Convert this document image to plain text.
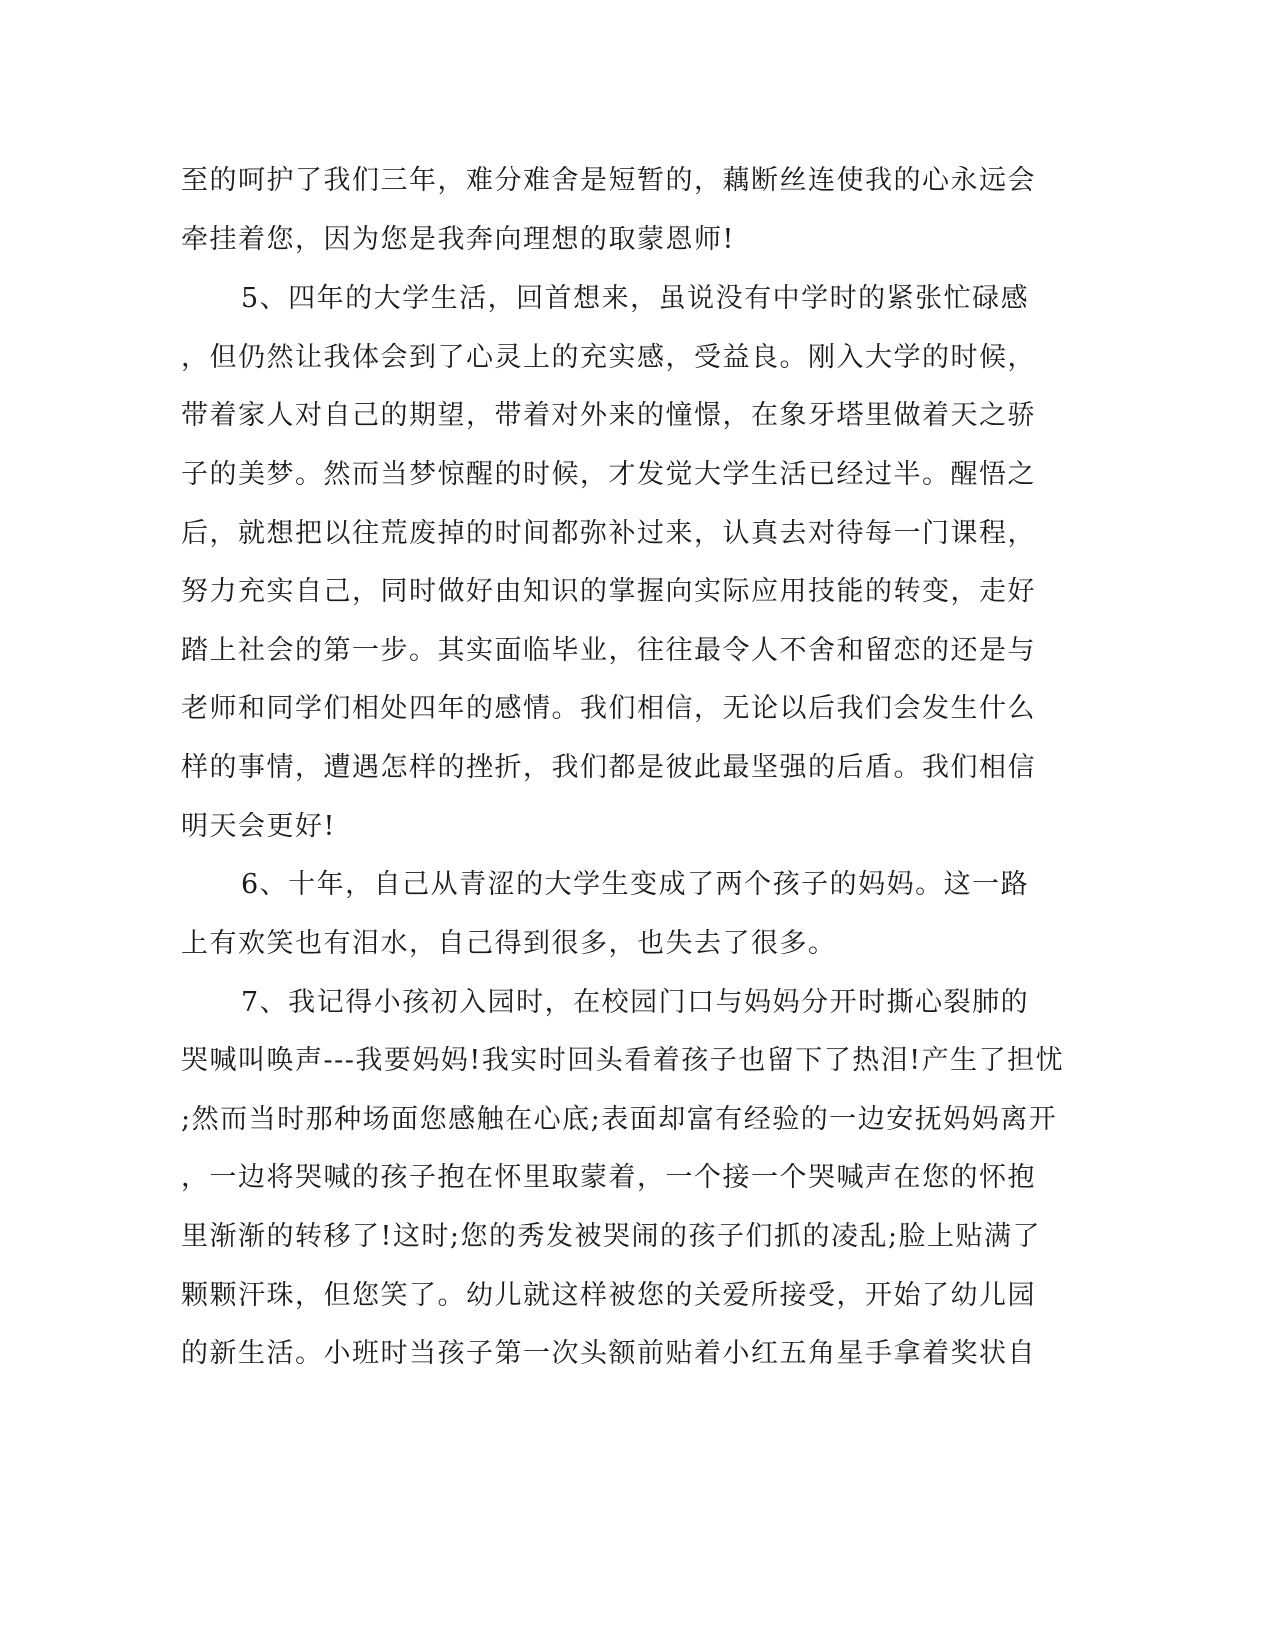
至的呵护了我们三年，难分难舍是短暂的，藕断丝连使我的心永远会
牵挂着您，因为您是我奔向理想的取蒙恩师!
5、四年的大学生活，回首想来，虽说没有中学时的紧张忙碌感
，但仍然让我体会到了心灵上的充实感，受益良。刚入大学的时候，
带着家人对自己的期望，带着对外来的憧憬，在象牙塔里做着天之骄
子的美梦。然而当梦惊醒的时候，才发觉大学生活已经过半。醒悟之
后，就想把以往荒废掉的时间都弥补过来，认真去对待每一门课程，
努力充实自己，同时做好由知识的掌握向实际应用技能的转变，走好
踏上社会的第一步。其实面临毕业，往往最令人不舍和留恋的还是与
老师和同学们相处四年的感情。我们相信，无论以后我们会发生什么
样的事情，遭遇怎样的挫折，我们都是彼此最坚强的后盾。我们相信
明天会更好!
6、十年，自己从青涩的大学生变成了两个孩子的妈妈。这一路
上有欢笑也有泪水，自己得到很多，也失去了很多。
7、我记得小孩初入园时，在校园门口与妈妈分开时撕心裂肺的
哭喊叫唤声---我要妈妈!我实时回头看着孩子也留下了热泪!产生了担忧
;然而当时那种场面您感触在心底;表面却富有经验的一边安抚妈妈离开
，一边将哭喊的孩子抱在怀里取蒙着，一个接一个哭喊声在您的怀抱
里渐渐的转移了!这时;您的秀发被哭闹的孩子们抓的凌乱;脸上贴满了
颗颗汗珠，但您笑了。幼儿就这样被您的关爱所接受，开始了幼儿园
的新生活。小班时当孩子第一次头额前贴着小红五角星手拿着奖状自
